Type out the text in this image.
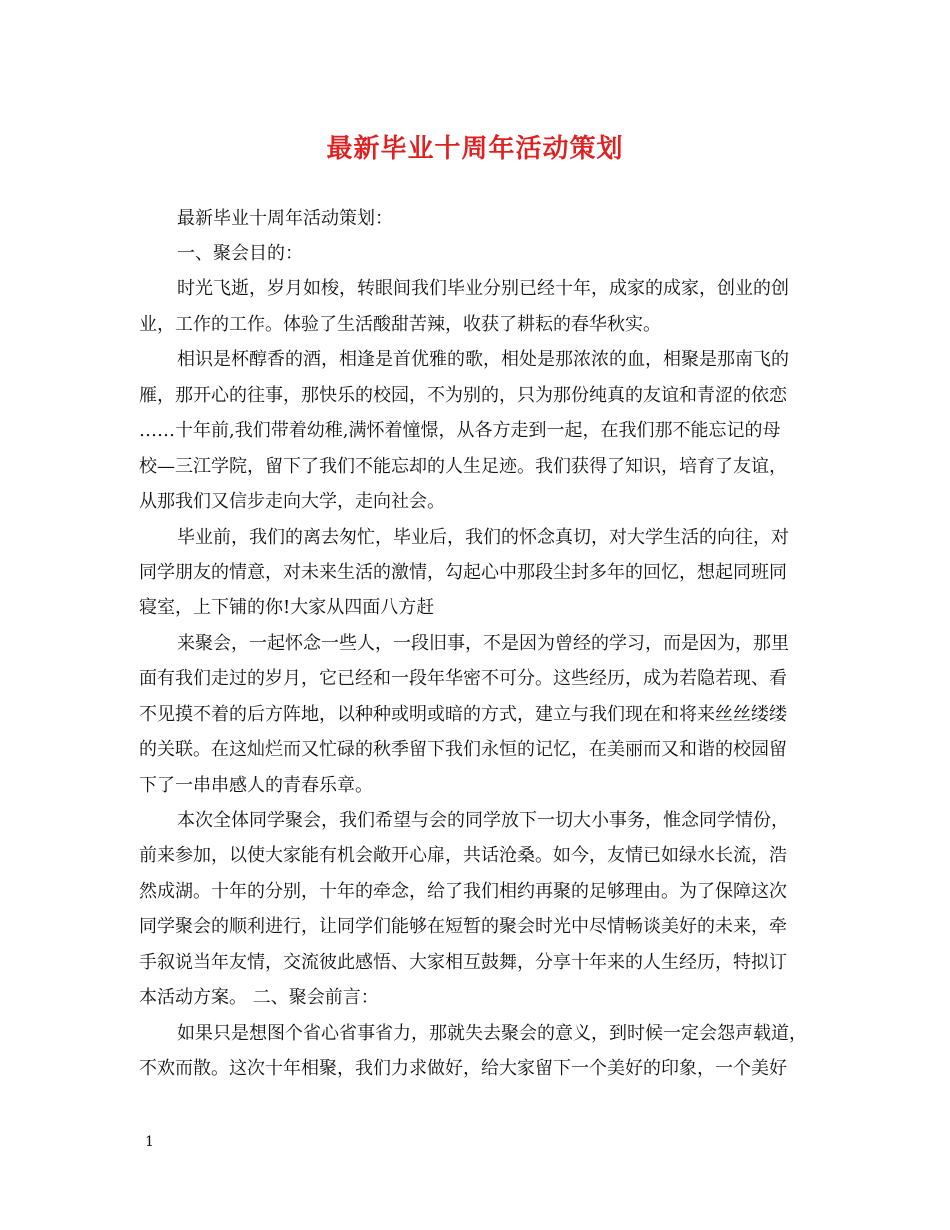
最新毕业十周年活动策划
最新毕业十周年活动策划：
一、聚会目的：
时光飞逝，岁月如梭，转眼间我们毕业分别已经十年，成家的成家，创业的创
业，工作的工作。体验了生活酸甜苦辣，收获了耕耘的春华秋实。
相识是杯醇香的酒，相逢是首优雅的歌，相处是那浓浓的血，相聚是那南飞的
雁，那开心的往事，那快乐的校园，不为别的，只为那份纯真的友谊和青涩的依恋
……十年前,我们带着幼稚,满怀着憧憬，从各方走到一起，在我们那不能忘记的母
校—三江学院，留下了我们不能忘却的人生足迹。我们获得了知识，培育了友谊，
从那我们又信步走向大学，走向社会。
毕业前，我们的离去匆忙，毕业后，我们的怀念真切，对大学生活的向往，对
同学朋友的情意，对未来生活的激情，勾起心中那段尘封多年的回忆，想起同班同
寝室，上下铺的你!大家从四面八方赶
来聚会，一起怀念一些人，一段旧事，不是因为曾经的学习，而是因为，那里
面有我们走过的岁月，它已经和一段年华密不可分。这些经历，成为若隐若现、看
不见摸不着的后方阵地，以种种或明或暗的方式，建立与我们现在和将来丝丝缕缕
的关联。在这灿烂而又忙碌的秋季留下我们永恒的记忆，在美丽而又和谐的校园留
下了一串串感人的青春乐章。
本次全体同学聚会，我们希望与会的同学放下一切大小事务，惟念同学情份，
前来参加，以使大家能有机会敞开心扉，共话沧桑。如今，友情已如绿水长流，浩
然成湖。十年的分别，十年的牵念，给了我们相约再聚的足够理由。为了保障这次
同学聚会的顺利进行，让同学们能够在短暂的聚会时光中尽情畅谈美好的未来，牵
手叙说当年友情，交流彼此感悟、大家相互鼓舞，分享十年来的人生经历，特拟订
本活动方案。 二、聚会前言：
如果只是想图个省心省事省力，那就失去聚会的意义，到时候一定会怨声载道，
不欢而散。这次十年相聚，我们力求做好，给大家留下一个美好的印象，一个美好
1
